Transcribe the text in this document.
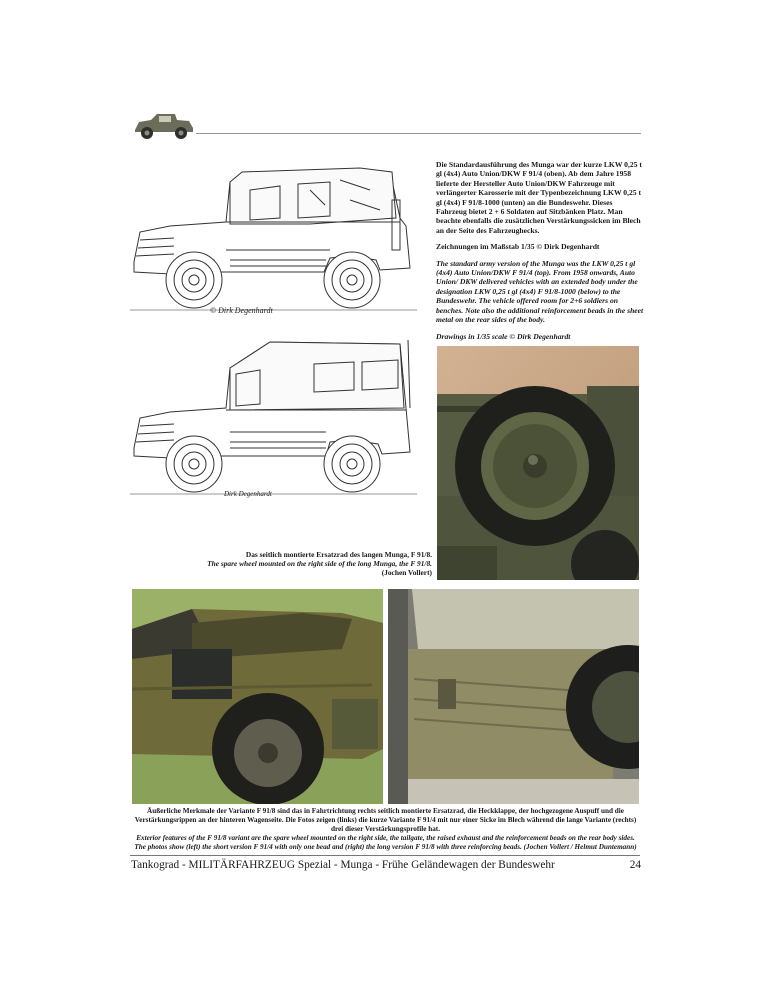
© Dirk Degenhardt
Dirk Degenhardt

Die Standardausführung des Munga war der kurze LKW 0,25 t gl (4x4) Auto Union/DKW F 91/4 (oben). Ab dem Jahre 1958 lieferte der Hersteller Auto Union/DKW Fahrzeuge mit verlängerter Karosserie mit der Typenbezeichnung LKW 0,25 t gl (4x4) F 91/8-1000 (unten) an die Bundeswehr. Dieses Fahrzeug bietet 2 + 6 Soldaten auf Sitzbänken Platz. Man beachte ebenfalls die zusätzlichen Verstärkungssicken im Blech an der Seite des Fahrzeughecks.

Zeichnungen im Maßstab 1/35 © Dirk Degenhardt

The standard army version of the Munga was the LKW 0,25 t gl (4x4) Auto Union/DKW F 91/4 (top). From 1958 onwards, Auto Union/ DKW delivered vehicles with an extended body under the designation LKW 0,25 t gl (4x4) F 91/8-1000 (below) to the Bundeswehr. The vehicle offered room for 2+6 soldiers on benches. Note also the additional reinforcement beads in the sheet metal on the rear sides of the body.

Drawings in 1/35 scale © Dirk Degenhardt

Das seitlich montierte Ersatzrad des langen Munga, F 91/8.
The spare wheel mounted on the right side of the long Munga, the F 91/8.
(Jochen Vollert)
Äußerliche Merkmale der Variante F 91/8 sind das in Fahrtrichtung rechts seitlich montierte Ersatzrad, die Heckklappe, der hochgezogene Auspuff und die Verstärkungsrippen an der hinteren Wagenseite. Die Fotos zeigen (links) die kurze Variante F 91/4 mit nur einer Sicke im Blech während die lange Variante (rechts) drei dieser Verstärkungsprofile hat.
Exterior features of the F 91/8 variant are the spare wheel mounted on the right side, the tailgate, the raised exhaust and the reinforcement beads on the rear body sides. The photos show (left) the short version F 91/4 with only one bead and (right) the long version F 91/8 with three reinforcing beads. (Jochen Vollert / Helmut Duntemann)
Tankograd - MILITÄRFAHRZEUG Spezial - Munga - Frühe Geländewagen der Bundeswehr	24
